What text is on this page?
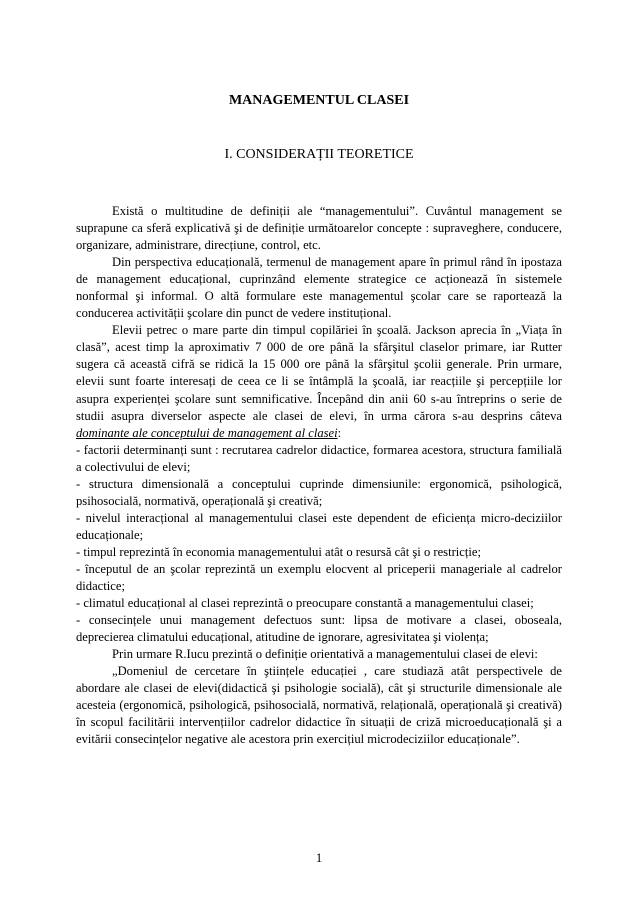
MANAGEMENTUL CLASEI
I. CONSIDERAȚII TEORETICE

Există o multitudine de definiții ale “managementului”. Cuvântul management se suprapune ca sferă explicativă şi de definiție următoarelor concepte : supraveghere, conducere, organizare, administrare, direcțiune, control, etc.

Din perspectiva educațională, termenul de management apare în primul rând în ipostaza de management educațional, cuprinzând elemente strategice ce acționează în sistemele nonformal şi informal. O altă formulare este managementul şcolar care se raportează la conducerea activității şcolare din punct de vedere instituțional.

Elevii petrec o mare parte din timpul copilăriei în şcoală. Jackson aprecia în „Viața în clasă”, acest timp la aproximativ 7 000 de ore până la sfârşitul claselor primare, iar Rutter sugera că această cifră se ridică la 15 000 ore până la sfârşitul şcolii generale. Prin urmare, elevii sunt foarte interesați de ceea ce li se întâmplă la şcoală, iar reacțiile şi percepțiile lor asupra experienței şcolare sunt semnificative. Începând din anii 60 s-au întreprins o serie de studii asupra diverselor aspecte ale clasei de elevi, în urma cărora s-au desprins câteva dominante ale conceptului de management al clasei:

- factorii determinanți sunt : recrutarea cadrelor didactice, formarea acestora, structura familială a colectivului de elevi;

- structura dimensională a conceptului cuprinde dimensiunile: ergonomică, psihologică, psihosocială, normativă, operațională şi creativă;

- nivelul interacțional al managementului clasei este dependent de eficiența micro-deciziilor educaționale;

- timpul reprezintă în economia managementului atât o resursă cât şi o restricție;

- începutul de an şcolar reprezintă un exemplu elocvent al priceperii manageriale al cadrelor didactice;

- climatul educațional al clasei reprezintă o preocupare constantă a managementului clasei;

- consecințele unui management defectuos sunt: lipsa de motivare a clasei, oboseala, deprecierea climatului educațional, atitudine de ignorare, agresivitatea şi violența;

Prin urmare R.Iucu prezintă o definiție orientativă a managementului clasei de elevi:

„Domeniul de cercetare în ştiințele educației , care studiază atât perspectivele de abordare ale clasei de elevi(didactică şi psihologie socială), cât şi structurile dimensionale ale acesteia (ergonomică, psihologică, psihosocială, normativă, relațională, operațională şi creativă) în scopul facilitării intervențiilor cadrelor didactice în situații de criză microeducațională şi a evitării consecințelor negative ale acestora prin exercițiul microdeciziilor educaționale”.

1
